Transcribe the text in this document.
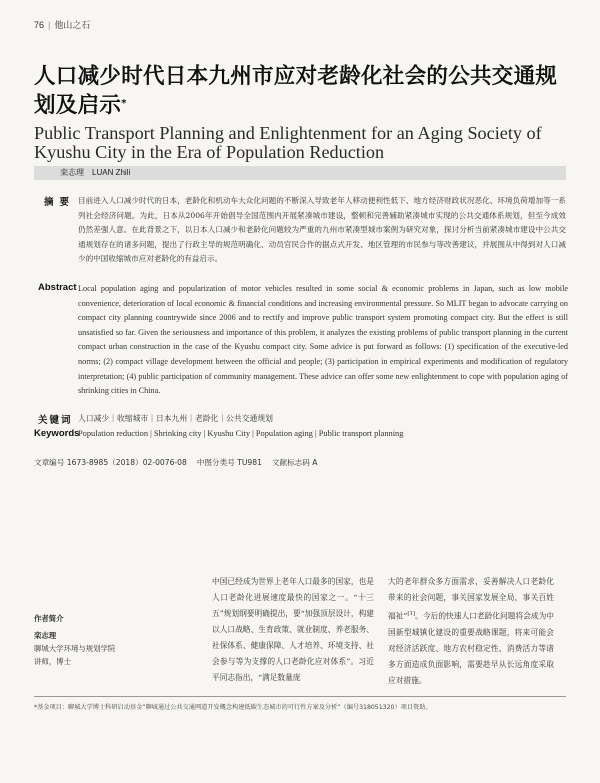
76 | 他山之石
人口减少时代日本九州市应对老龄化社会的公共交通规划及启示*
Public Transport Planning and Enlightenment for an Aging Society of Kyushu City in the Era of Population Reduction
栾志理 LUAN Zhili
摘要 目前进入人口减少时代的日本，老龄化和机动车大众化问题的不断深入导致老年人移动便利性低下、地方经济财政状况恶化、环境负荷增加等一系列社会经济问题。为此，日本从2006年开始倡导全国范围内开展紧凑城市建设，整顿和完善辅助紧凑城市实现的公共交通体系规划，但至今成效仍然差强人意。在此背景之下，以日本人口减少和老龄化问题较为严重的九州市紧凑型城市案例为研究对象，探讨分析当前紧凑城市建设中公共交通规划存在的诸多问题，提出了行政主导的规范明确化、动员官民合作的据点式开发、地区管理的市民参与等改善建议，并展围从中得到对人口减少的中国收缩城市应对老龄化的有益启示。
Abstract Local population aging and popularization of motor vehicles resulted in some social & economic problems in Japan, such as low mobile convenience, deterioration of local economic & financial conditions and increasing environmental pressure. So MLIT began to advocate carrying on compact city planning countrywide since 2006 and to rectify and improve public transport system promoting compact city. But the effect is still unsatisfied so far. Given the seriousness and importance of this problem, it analyzes the existing problems of public transport planning in the current compact urban construction in the case of the Kyushu compact city. Some advice is put forward as follows: (1) specification of the executive-led norms; (2) compact village development between the official and people; (3) participation in empirical experiments and modification of regulatory interpretation; (4) public participation of community management. These advice can offer some new enlightenment to cope with population aging of shrinking cities in China.
关键词 人口减少｜收缩城市｜日本九州｜老龄化｜公共交通规划
Keywords
Population reduction | Shrinking city | Kyushu City | Population aging | Public transport planning
文章编号 1673-8985（2018）02-0076-08 中图分类号 TU981 文献标志码 A
作者简介
栾志理
聊城大学环境与规划学院
讲师，博士
中国已经成为世界上老年人口最多的国家，也是人口老龄化进展速度最快的国家之一。“十三五”规划纲要明确提出，要“加强顶层设计，构建以人口战略、生育政策、就业制度、养老服务、社保体系、健康保障、人才培养、环境支持、社会参与等为支撑的人口老龄化应对体系”。习近平同志指出，“满足数量庞
大的老年群众多方面需求，妥善解决人口老龄化带来的社会问题，事关国家发展全局，事关百姓福祉”[1]。今后的快速人口老龄化问题将会成为中国新型城镇化建设的重要战略课题，将来可能会对经济活跃度、地方农村稳定性、消费活力等诸多方面造成负面影响，需要趁早从长远角度采取应对措施。
*基金项目：聊城大学博士科研启动基金“聊城通过公共交通网道开发概念构建低碳生态城市的可行性方案及分析”（编号318051320）项目资助。
